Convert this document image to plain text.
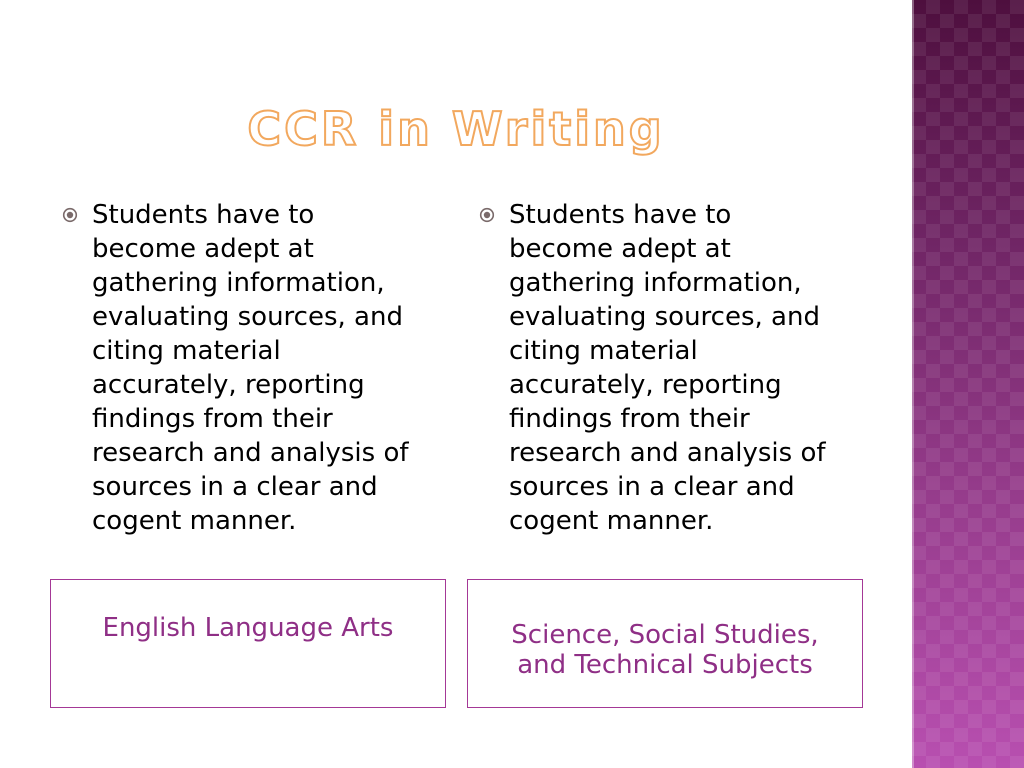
CCR in Writing
Students have to
become adept at
gathering information,
evaluating sources, and
citing material
accurately, reporting
findings from their
research and analysis of
sources in a clear and
cogent manner.
Students have to
become adept at
gathering information,
evaluating sources, and
citing material
accurately, reporting
findings from their
research and analysis of
sources in a clear and
cogent manner.
English Language Arts	Science, Social Studies,
and Technical Subjects
